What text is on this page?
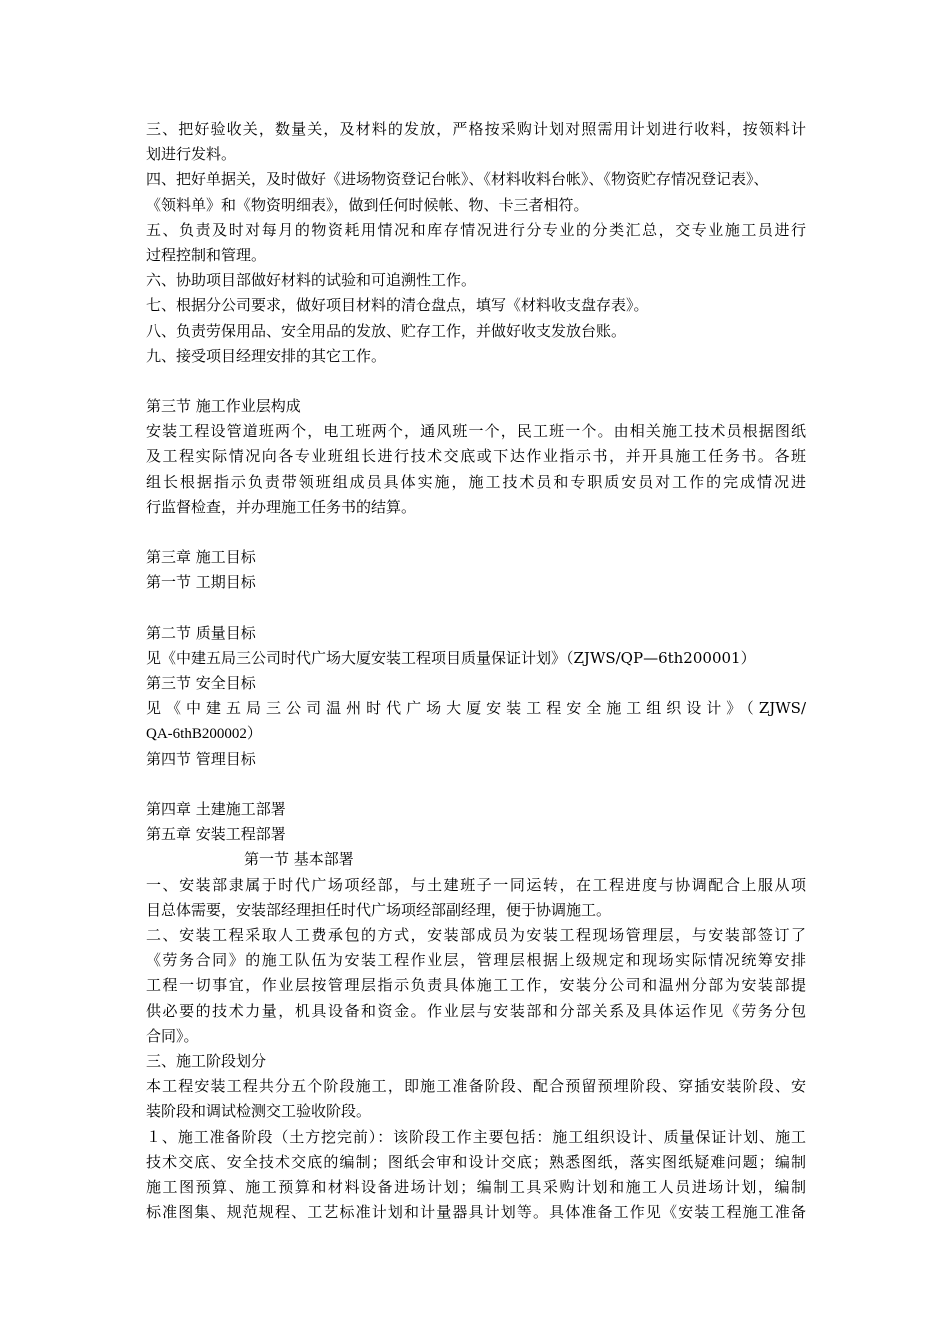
三、把好验收关，数量关，及材料的发放，严格按采购计划对照需用计划进行收料，按领料计
划进行发料。
四、把好单据关，及时做好《进场物资登记台帐》、《材料收料台帐》、《物资贮存情况登记表》、
《领料单》和《物资明细表》，做到任何时候帐、物、卡三者相符。
五、负责及时对每月的物资耗用情况和库存情况进行分专业的分类汇总，交专业施工员进行
过程控制和管理。
六、协助项目部做好材料的试验和可追溯性工作。
七、根据分公司要求，做好项目材料的清仓盘点，填写《材料收支盘存表》。
八、负责劳保用品、安全用品的发放、贮存工作，并做好收支发放台账。
九、接受项目经理安排的其它工作。
第三节 施工作业层构成
安装工程设管道班两个，电工班两个，通风班一个，民工班一个。由相关施工技术员根据图纸
及工程实际情况向各专业班组长进行技术交底或下达作业指示书，并开具施工任务书。各班
组长根据指示负责带领班组成员具体实施，施工技术员和专职质安员对工作的完成情况进
行监督检查，并办理施工任务书的结算。
第三章 施工目标
第一节 工期目标
第二节 质量目标
见《中建五局三公司时代广场大厦安装工程项目质量保证计划》（ZJWS/QP—6th200001）
第三节 安全目标
见《中建五局三公司温州时代广场大厦安装工程安全施工组织设计》（ZJWS/
QA-6thB200002）
第四节 管理目标
第四章 土建施工部署
第五章 安装工程部署
第一节 基本部署
一、安装部隶属于时代广场项经部，与土建班子一同运转，在工程进度与协调配合上服从项
目总体需要，安装部经理担任时代广场项经部副经理，便于协调施工。
二、安装工程采取人工费承包的方式，安装部成员为安装工程现场管理层，与安装部签订了
《劳务合同》的施工队伍为安装工程作业层，管理层根据上级规定和现场实际情况统筹安排
工程一切事宜，作业层按管理层指示负责具体施工工作，安装分公司和温州分部为安装部提
供必要的技术力量，机具设备和资金。作业层与安装部和分部关系及具体运作见《劳务分包
合同》。
三、施工阶段划分
本工程安装工程共分五个阶段施工，即施工准备阶段、配合预留预埋阶段、穿插安装阶段、安
装阶段和调试检测交工验收阶段。
１、施工准备阶段（土方挖完前）：该阶段工作主要包括：施工组织设计、质量保证计划、施工
技术交底、安全技术交底的编制；图纸会审和设计交底；熟悉图纸，落实图纸疑难问题；编制
施工图预算、施工预算和材料设备进场计划；编制工具采购计划和施工人员进场计划，编制
标准图集、规范规程、工艺标准计划和计量器具计划等。具体准备工作见《安装工程施工准备
